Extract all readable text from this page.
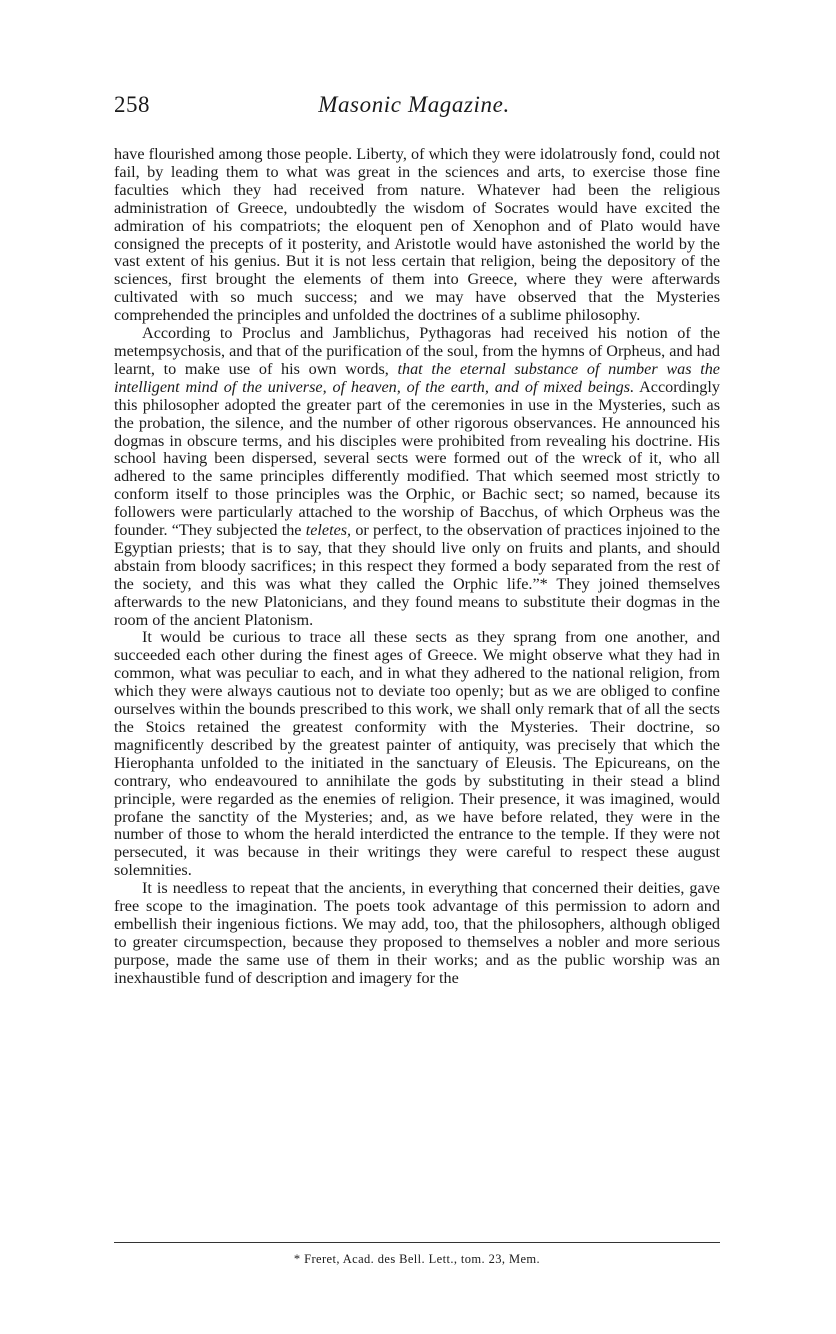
258	Masonic Magazine.

have flourished among those people. Liberty, of which they were idolatrously fond, could not fail, by leading them to what was great in the sciences and arts, to exercise those fine faculties which they had received from nature. Whatever had been the religious administration of Greece, undoubtedly the wisdom of Socrates would have excited the admiration of his compatriots; the eloquent pen of Xenophon and of Plato would have consigned the precepts of it posterity, and Aristotle would have astonished the world by the vast extent of his genius. But it is not less certain that religion, being the depository of the sciences, first brought the elements of them into Greece, where they were afterwards cultivated with so much success; and we may have observed that the Mysteries comprehended the principles and unfolded the doctrines of a sublime philosophy.

According to Proclus and Jamblichus, Pythagoras had received his notion of the metempsychosis, and that of the purification of the soul, from the hymns of Orpheus, and had learnt, to make use of his own words, that the eternal substance of number was the intelligent mind of the universe, of heaven, of the earth, and of mixed beings. Accordingly this philosopher adopted the greater part of the ceremonies in use in the Mysteries, such as the probation, the silence, and the number of other rigorous observances. He announced his dogmas in obscure terms, and his disciples were prohibited from revealing his doctrine. His school having been dispersed, several sects were formed out of the wreck of it, who all adhered to the same principles differently modified. That which seemed most strictly to conform itself to those principles was the Orphic, or Bachic sect; so named, because its followers were particularly attached to the worship of Bacchus, of which Orpheus was the founder. “They subjected the teletes, or perfect, to the observation of practices injoined to the Egyptian priests; that is to say, that they should live only on fruits and plants, and should abstain from bloody sacrifices; in this respect they formed a body separated from the rest of the society, and this was what they called the Orphic life.”* They joined themselves afterwards to the new Platonicians, and they found means to substitute their dogmas in the room of the ancient Platonism.

It would be curious to trace all these sects as they sprang from one another, and succeeded each other during the finest ages of Greece. We might observe what they had in common, what was peculiar to each, and in what they adhered to the national religion, from which they were always cautious not to deviate too openly; but as we are obliged to confine ourselves within the bounds prescribed to this work, we shall only remark that of all the sects the Stoics retained the greatest conformity with the Mysteries. Their doctrine, so magnificently described by the greatest painter of antiquity, was precisely that which the Hierophanta unfolded to the initiated in the sanctuary of Eleusis. The Epicureans, on the contrary, who endeavoured to annihilate the gods by substituting in their stead a blind principle, were regarded as the enemies of religion. Their presence, it was imagined, would profane the sanctity of the Mysteries; and, as we have before related, they were in the number of those to whom the herald interdicted the entrance to the temple. If they were not persecuted, it was because in their writings they were careful to respect these august solemnities.

It is needless to repeat that the ancients, in everything that concerned their deities, gave free scope to the imagination. The poets took advantage of this permission to adorn and embellish their ingenious fictions. We may add, too, that the philosophers, although obliged to greater circumspection, because they proposed to themselves a nobler and more serious purpose, made the same use of them in their works; and as the public worship was an inexhaustible fund of description and imagery for the

* Freret, Acad. des Bell. Lett., tom. 23, Mem.
